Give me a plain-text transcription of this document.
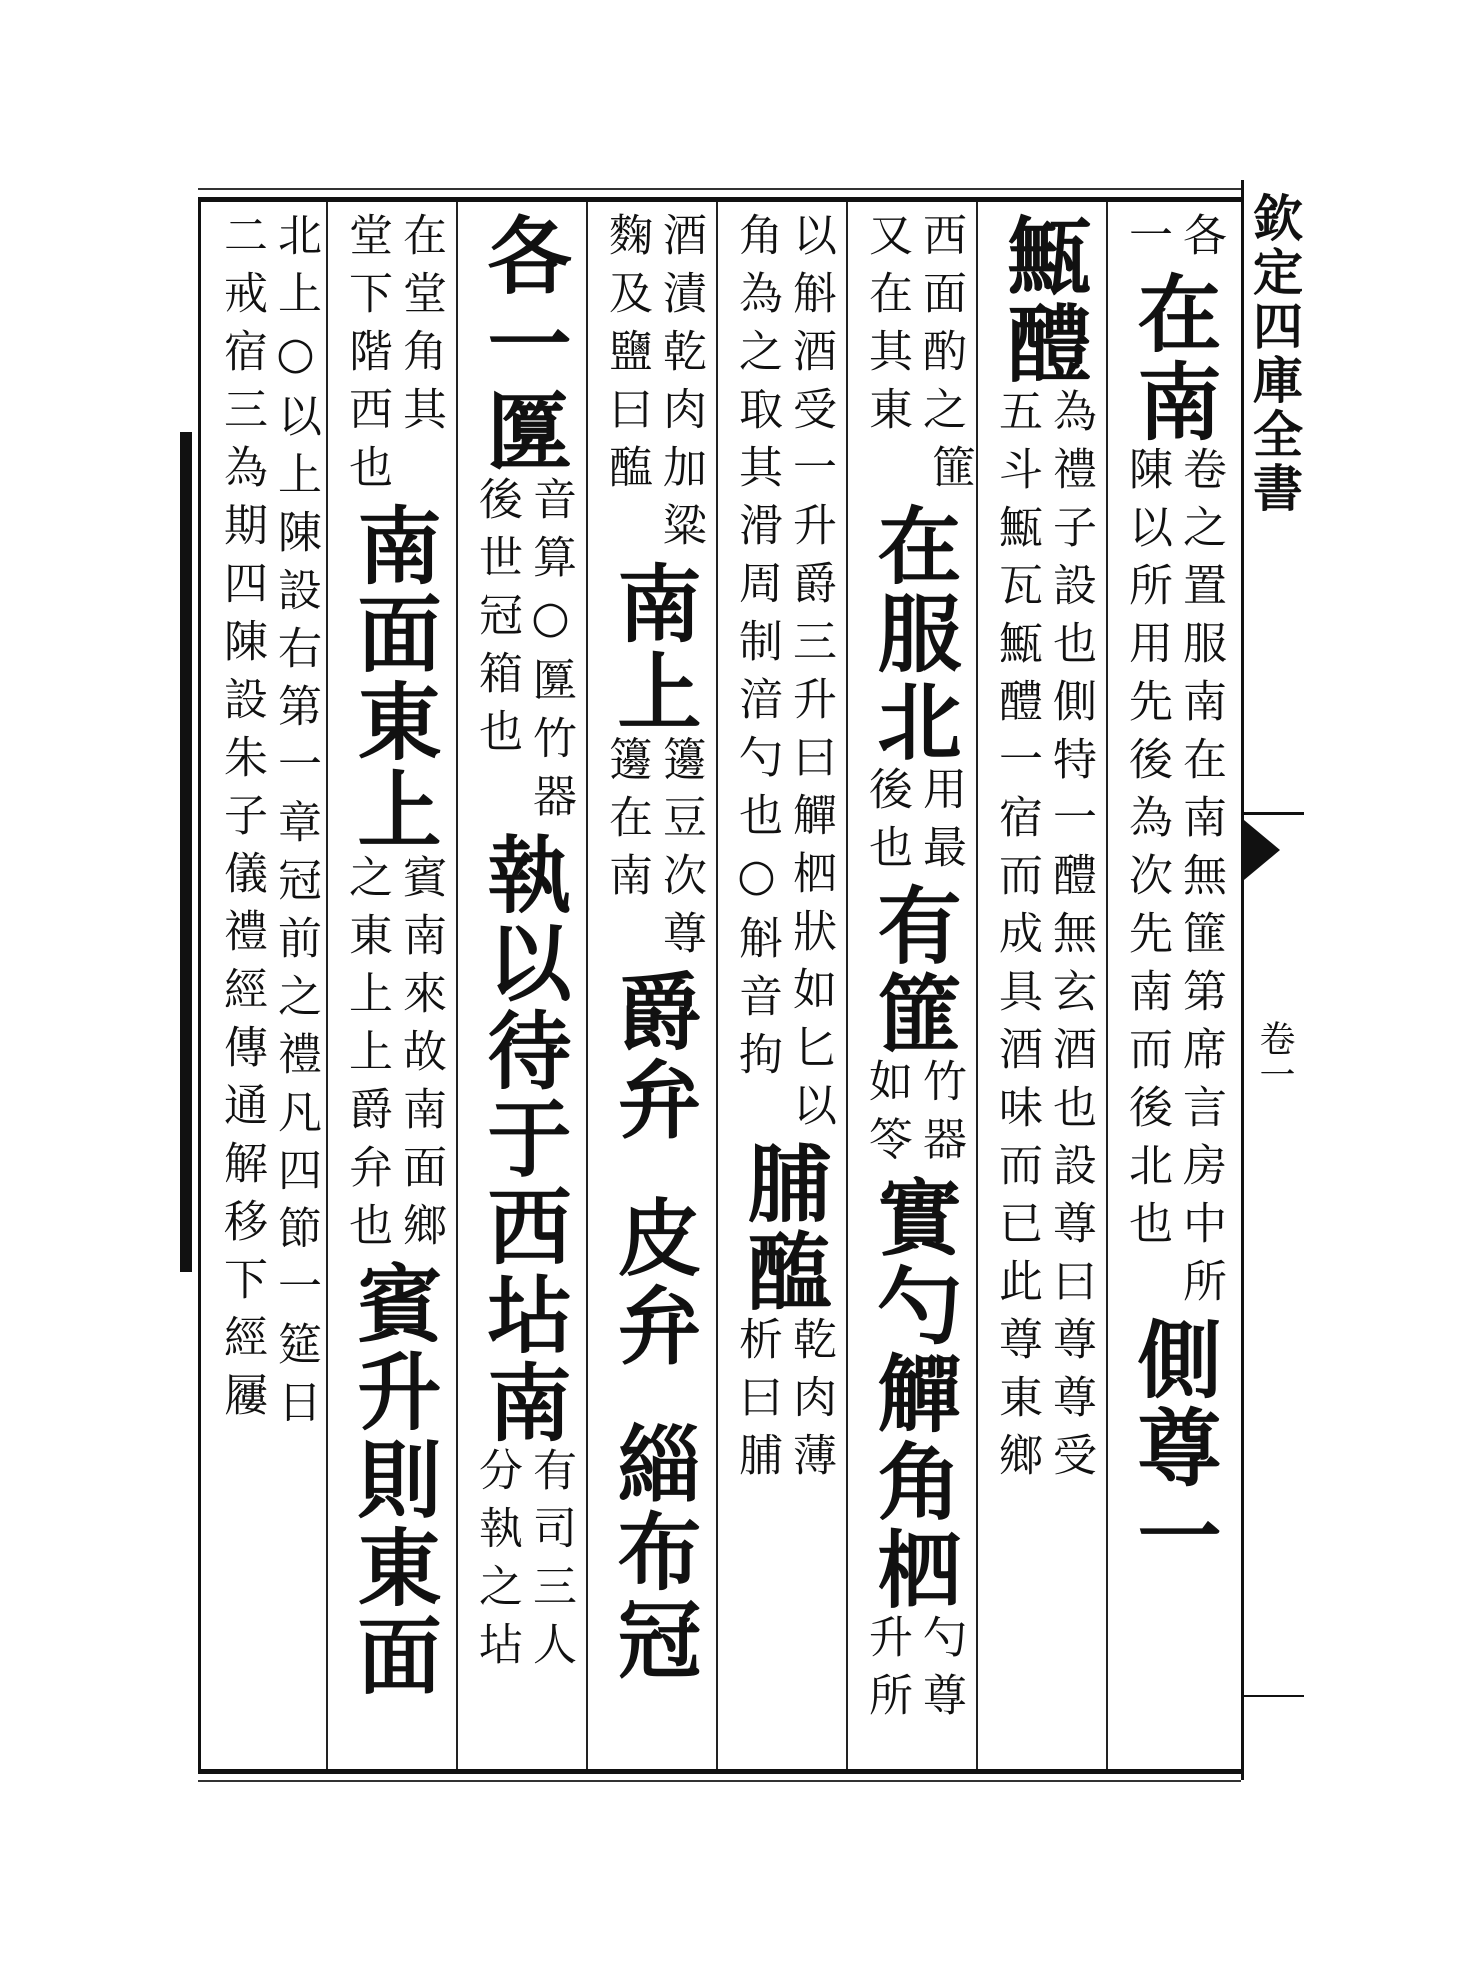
欽定四庫全書
卷一
各
一
在南
卷之置服南在南無篚第席言房中所
陳以所用先後為次先南而後北也
側尊一
甒醴
為禮子設也側特一醴無玄酒也設尊曰尊尊受
五斗甒瓦甒醴一宿而成具酒味而已此尊東鄉
西面酌之
又在其東
篚
在服北
用最
後也
有篚
竹器
如笭
實勺觶角柶
勺尊
升所
以斛酒受一升爵三升曰觶柶狀如匕以
角為之取其滑周制湆勺也○斛音拘
脯醢
乾肉薄
析曰脯
酒漬乾肉加粱
麴及鹽曰醢
南上
籩豆次尊
籩在南
爵弁
皮弁
緇布冠
各一匴
音算○匴竹器
後世冠箱也
執以待于西坫南
有司三人
分執之坫
在堂角其
堂下階西也
南面東上
賓南來故南面鄉
之東上上爵弁也
賓升則東面
北上○以上陳設右第一章冠前之禮凡四節一筵日
二戒宿三為期四陳設朱子儀禮經傳通解移下經屨
